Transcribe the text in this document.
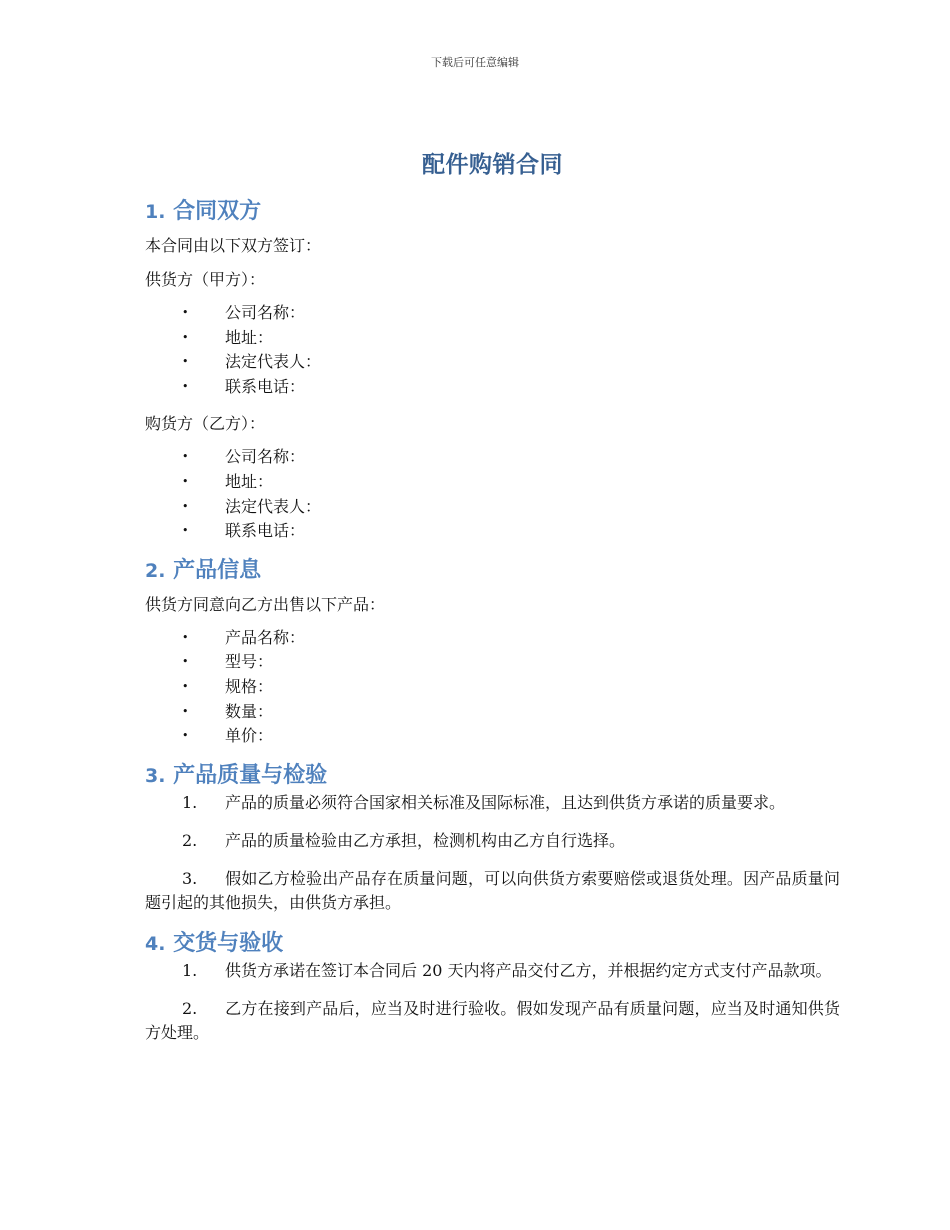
下载后可任意编辑
配件购销合同
1. 合同双方

本合同由以下双方签订：

供货方（甲方）：

• 公司名称：
• 地址：
• 法定代表人：
• 联系电话：

购货方（乙方）：

• 公司名称：
• 地址：
• 法定代表人：
• 联系电话：
2. 产品信息

供货方同意向乙方出售以下产品：

• 产品名称：
• 型号：
• 规格：
• 数量：
• 单价：
3. 产品质量与检验
1. 产品的质量必须符合国家相关标准及国际标准，且达到供货方承诺的质量要求。
2. 产品的质量检验由乙方承担，检测机构由乙方自行选择。
3. 假如乙方检验出产品存在质量问题，可以向供货方索要赔偿或退货处理。因产品质量问题引起的其他损失，由供货方承担。
4. 交货与验收
1. 供货方承诺在签订本合同后 20 天内将产品交付乙方，并根据约定方式支付产品款项。
2. 乙方在接到产品后，应当及时进行验收。假如发现产品有质量问题，应当及时通知供货方处理。
